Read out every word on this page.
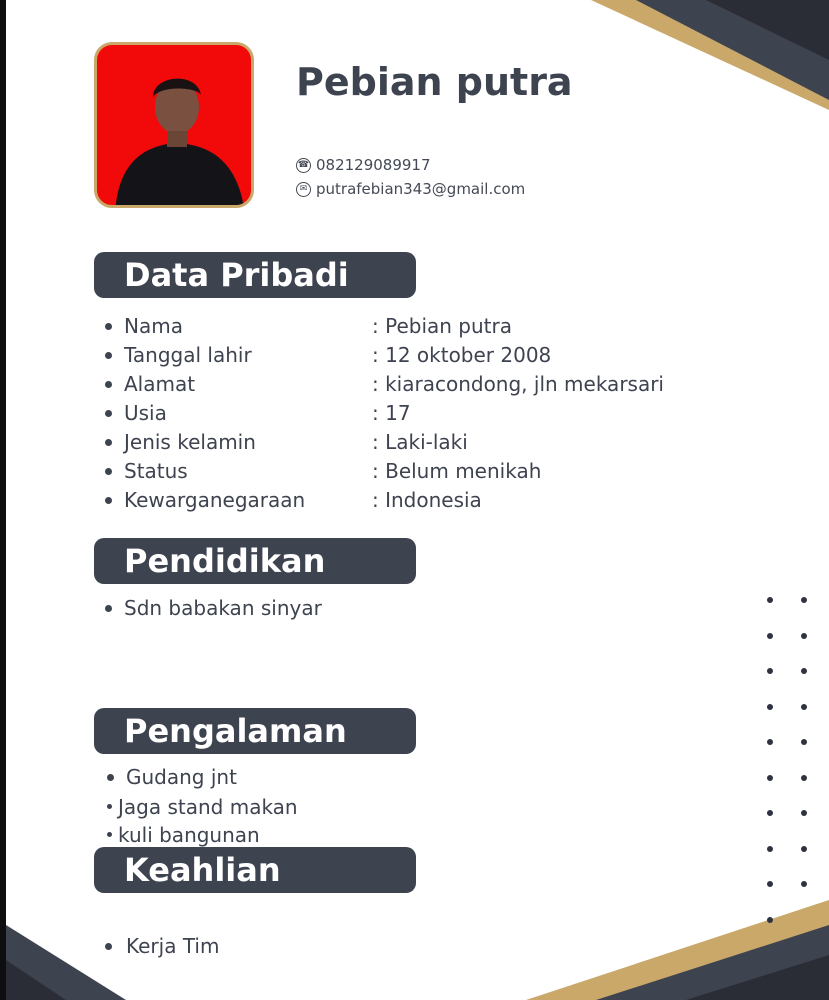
Pebian putra
☎ 082129089917
✉ putrafebian343@gmail.com
Data Pribadi
Nama	: Pebian putra
Tanggal lahir	: 12 oktober 2008
Alamat	: kiaracondong, jln mekarsari
Usia	: 17
Jenis kelamin	: Laki-laki
Status	: Belum menikah
Kewarganegaraan	: Indonesia
Pendidikan
Sdn babakan sinyar
Pengalaman
Gudang jnt
Jaga stand makan
kuli bangunan
Keahlian
Kerja Tim
